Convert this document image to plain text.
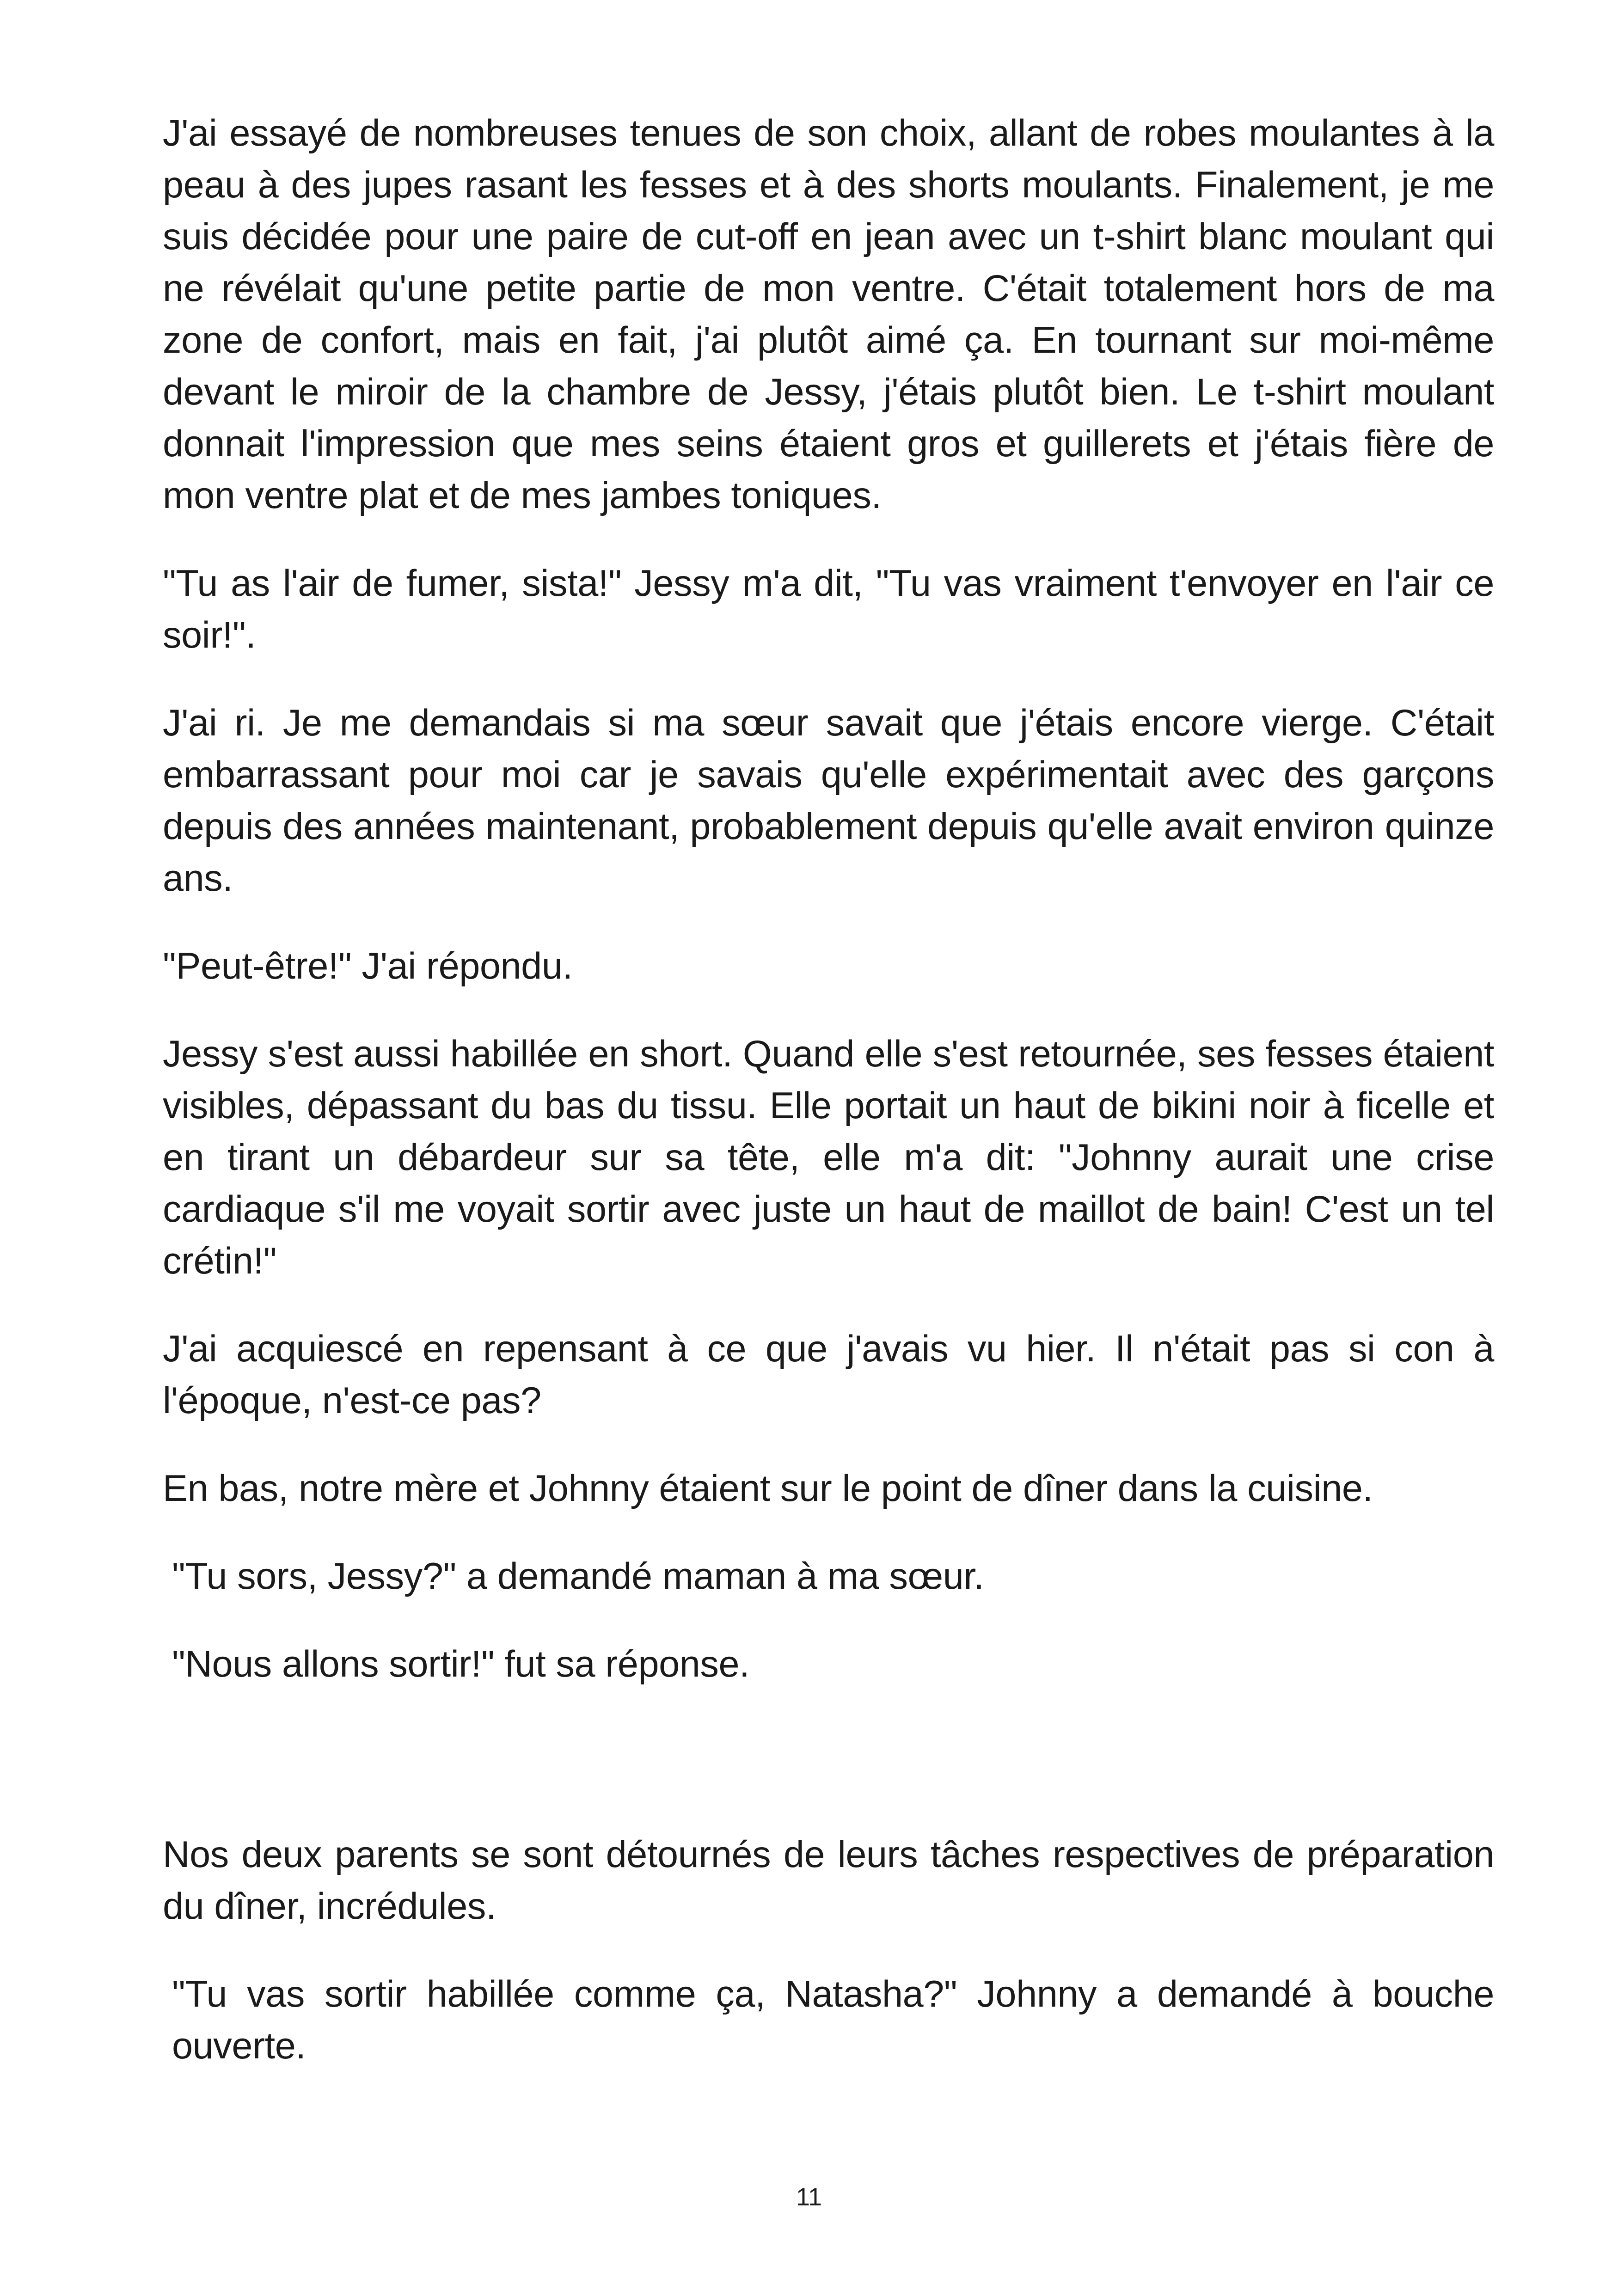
J'ai essayé de nombreuses tenues de son choix, allant de robes moulantes à la peau à des jupes rasant les fesses et à des shorts moulants. Finalement, je me suis décidée pour une paire de cut-off en jean avec un t-shirt blanc moulant qui ne révélait qu'une petite partie de mon ventre. C'était totalement hors de ma zone de confort, mais en fait, j'ai plutôt aimé ça. En tournant sur moi-même devant le miroir de la chambre de Jessy, j'étais plutôt bien. Le t-shirt moulant donnait l'impression que mes seins étaient gros et guillerets et j'étais fière de mon ventre plat et de mes jambes toniques.

"Tu as l'air de fumer, sista!" Jessy m'a dit, "Tu vas vraiment t'envoyer en l'air ce soir!".

J'ai ri. Je me demandais si ma sœur savait que j'étais encore vierge. C'était embarrassant pour moi car je savais qu'elle expérimentait avec des garçons depuis des années maintenant, probablement depuis qu'elle avait environ quinze ans.

"Peut-être!" J'ai répondu.

Jessy s'est aussi habillée en short. Quand elle s'est retournée, ses fesses étaient visibles, dépassant du bas du tissu. Elle portait un haut de bikini noir à ficelle et en tirant un débardeur sur sa tête, elle m'a dit: "Johnny aurait une crise cardiaque s'il me voyait sortir avec juste un haut de maillot de bain! C'est un tel crétin!"

J'ai acquiescé en repensant à ce que j'avais vu hier. Il n'était pas si con à l'époque, n'est-ce pas?

En bas, notre mère et Johnny étaient sur le point de dîner dans la cuisine.

"Tu sors, Jessy?" a demandé maman à ma sœur.

"Nous allons sortir!" fut sa réponse.

Nos deux parents se sont détournés de leurs tâches respectives de préparation du dîner, incrédules.

"Tu vas sortir habillée comme ça, Natasha?" Johnny a demandé à bouche ouverte.

11
